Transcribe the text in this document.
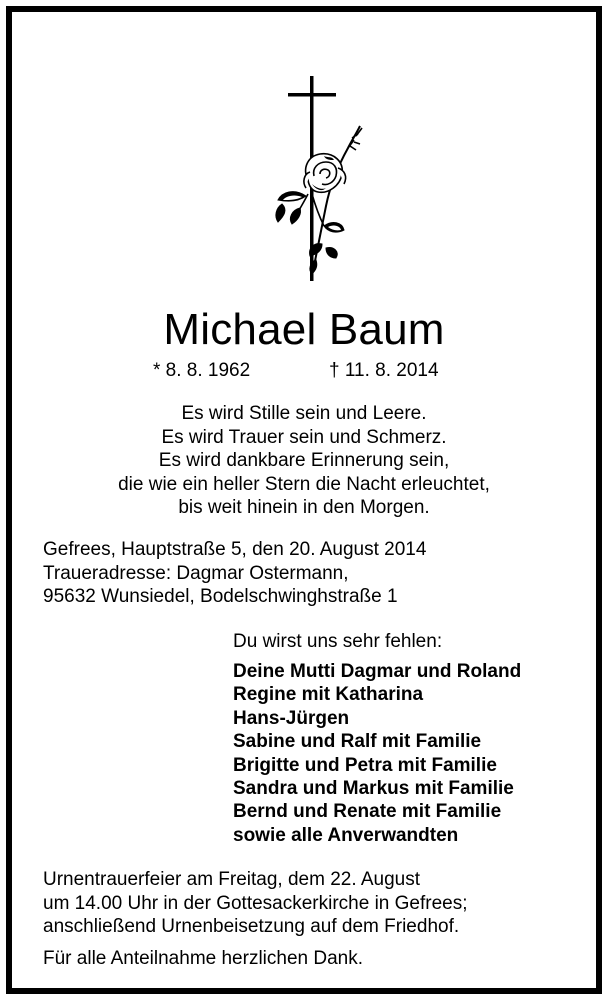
Michael Baum
* 8. 8. 1962	† 11. 8. 2014
Es wird Stille sein und Leere.
Es wird Trauer sein und Schmerz.
Es wird dankbare Erinnerung sein,
die wie ein heller Stern die Nacht erleuchtet,
bis weit hinein in den Morgen.
Gefrees, Hauptstraße 5, den 20. August 2014
Traueradresse: Dagmar Ostermann,
95632 Wunsiedel, Bodelschwinghstraße 1
Du wirst uns sehr fehlen:
Deine Mutti Dagmar und Roland
Regine mit Katharina
Hans-Jürgen
Sabine und Ralf mit Familie
Brigitte und Petra mit Familie
Sandra und Markus mit Familie
Bernd und Renate mit Familie
sowie alle Anverwandten
Urnentrauerfeier am Freitag, dem 22. August
um 14.00 Uhr in der Gottesackerkirche in Gefrees;
anschließend Urnenbeisetzung auf dem Friedhof.
Für alle Anteilnahme herzlichen Dank.
